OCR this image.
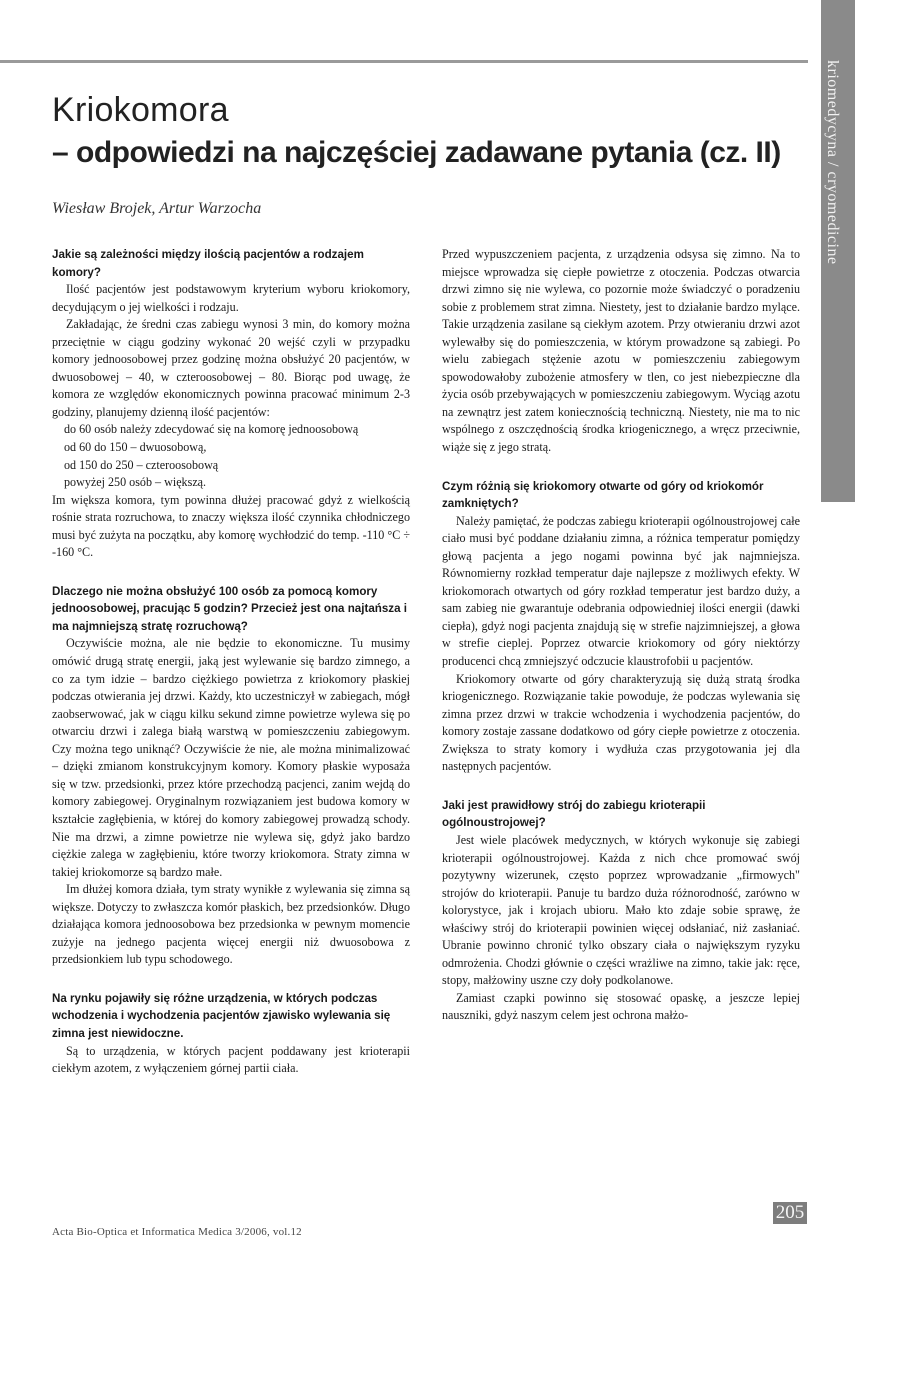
kriomedycyna / cryomedicine
Kriokomora
– odpowiedzi na najczęściej zadawane pytania (cz. II)
Wiesław Brojek, Artur Warzocha
Jakie są zależności między ilością pacjentów a rodzajem komory?

Ilość pacjentów jest podstawowym kryterium wyboru kriokomory, decydującym o jej wielkości i rodzaju.

Zakładając, że średni czas zabiegu wynosi 3 min, do komory można przeciętnie w ciągu godziny wykonać 20 wejść czyli w przypadku komory jednoosobowej przez godzinę można obsłużyć 20 pacjentów, w dwuosobowej – 40, w czteroosobowej – 80. Biorąc pod uwagę, że komora ze względów ekonomicznych powinna pracować minimum 2-3 godziny, planujemy dzienną ilość pacjentów:

do 60 osób należy zdecydować się na komorę jednoosobową

od 60 do 150 – dwuosobową,

od 150 do 250 – czteroosobową

powyżej 250 osób – większą.

Im większa komora, tym powinna dłużej pracować gdyż z wielkością rośnie strata rozruchowa, to znaczy większa ilość czynnika chłodniczego musi być zużyta na początku, aby komorę wychłodzić do temp. -110 °C ÷ -160 °C.

Dlaczego nie można obsłużyć 100 osób za pomocą komory jednoosobowej, pracując 5 godzin? Przecież jest ona najtańsza i ma najmniejszą stratę rozruchową?

Oczywiście można, ale nie będzie to ekonomiczne. Tu musimy omówić drugą stratę energii, jaką jest wylewanie się bardzo zimnego, a co za tym idzie – bardzo ciężkiego powietrza z kriokomory płaskiej podczas otwierania jej drzwi. Każdy, kto uczestniczył w zabiegach, mógł zaobserwować, jak w ciągu kilku sekund zimne powietrze wylewa się po otwarciu drzwi i zalega białą warstwą w pomieszczeniu zabiegowym. Czy można tego uniknąć? Oczywiście że nie, ale można minimalizować – dzięki zmianom konstrukcyjnym komory. Komory płaskie wyposaża się w tzw. przedsionki, przez które przechodzą pacjenci, zanim wejdą do komory zabiegowej. Oryginalnym rozwiązaniem jest budowa komory w kształcie zagłębienia, w której do komory zabiegowej prowadzą schody. Nie ma drzwi, a zimne powietrze nie wylewa się, gdyż jako bardzo ciężkie zalega w zagłębieniu, które tworzy kriokomora. Straty zimna w takiej kriokomorze są bardzo małe.

Im dłużej komora działa, tym straty wynikłe z wylewania się zimna są większe. Dotyczy to zwłaszcza komór płaskich, bez przedsionków. Długo działająca komora jednoosobowa bez przedsionka w pewnym momencie zużyje na jednego pacjenta więcej energii niż dwuosobowa z przedsionkiem lub typu schodowego.

Na rynku pojawiły się różne urządzenia, w których podczas wchodzenia i wychodzenia pacjentów zjawisko wylewania się zimna jest niewidoczne.

Są to urządzenia, w których pacjent poddawany jest krioterapii ciekłym azotem, z wyłączeniem górnej partii ciała.

Przed wypuszczeniem pacjenta, z urządzenia odsysa się zimno. Na to miejsce wprowadza się ciepłe powietrze z otoczenia. Podczas otwarcia drzwi zimno się nie wylewa, co pozornie może świadczyć o poradzeniu sobie z problemem strat zimna. Niestety, jest to działanie bardzo mylące. Takie urządzenia zasilane są ciekłym azotem. Przy otwieraniu drzwi azot wylewałby się do pomieszczenia, w którym prowadzone są zabiegi. Po wielu zabiegach stężenie azotu w pomieszczeniu zabiegowym spowodowałoby zubożenie atmosfery w tlen, co jest niebezpieczne dla życia osób przebywających w pomieszczeniu zabiegowym. Wyciąg azotu na zewnątrz jest zatem koniecznością techniczną. Niestety, nie ma to nic wspólnego z oszczędnością środka kriogenicznego, a wręcz przeciwnie, wiąże się z jego stratą.

Czym różnią się kriokomory otwarte od góry od kriokomór zamkniętych?

Należy pamiętać, że podczas zabiegu krioterapii ogólnoustrojowej całe ciało musi być poddane działaniu zimna, a różnica temperatur pomiędzy głową pacjenta a jego nogami powinna być jak najmniejsza. Równomierny rozkład temperatur daje najlepsze z możliwych efekty. W kriokomorach otwartych od góry rozkład temperatur jest bardzo duży, a sam zabieg nie gwarantuje odebrania odpowiedniej ilości energii (dawki ciepła), gdyż nogi pacjenta znajdują się w strefie najzimniejszej, a głowa w strefie cieplej. Poprzez otwarcie kriokomory od góry niektórzy producenci chcą zmniejszyć odczucie klaustrofobii u pacjentów.

Kriokomory otwarte od góry charakteryzują się dużą stratą środka kriogenicznego. Rozwiązanie takie powoduje, że podczas wylewania się zimna przez drzwi w trakcie wchodzenia i wychodzenia pacjentów, do komory zostaje zassane dodatkowo od góry ciepłe powietrze z otoczenia. Zwiększa to straty komory i wydłuża czas przygotowania jej dla następnych pacjentów.

Jaki jest prawidłowy strój do zabiegu krioterapii ogólnoustrojowej?

Jest wiele placówek medycznych, w których wykonuje się zabiegi krioterapii ogólnoustrojowej. Każda z nich chce promować swój pozytywny wizerunek, często poprzez wprowadzanie „firmowych" strojów do krioterapii. Panuje tu bardzo duża różnorodność, zarówno w kolorystyce, jak i krojach ubioru. Mało kto zdaje sobie sprawę, że właściwy strój do krioterapii powinien więcej odsłaniać, niż zasłaniać. Ubranie powinno chronić tylko obszary ciała o największym ryzyku odmrożenia. Chodzi głównie o części wrażliwe na zimno, takie jak: ręce, stopy, małżowiny uszne czy doły podkolanowe.

Zamiast czapki powinno się stosować opaskę, a jeszcze lepiej nauszniki, gdyż naszym celem jest ochrona małżo-

Acta Bio-Optica et Informatica Medica 3/2006, vol.12
205
